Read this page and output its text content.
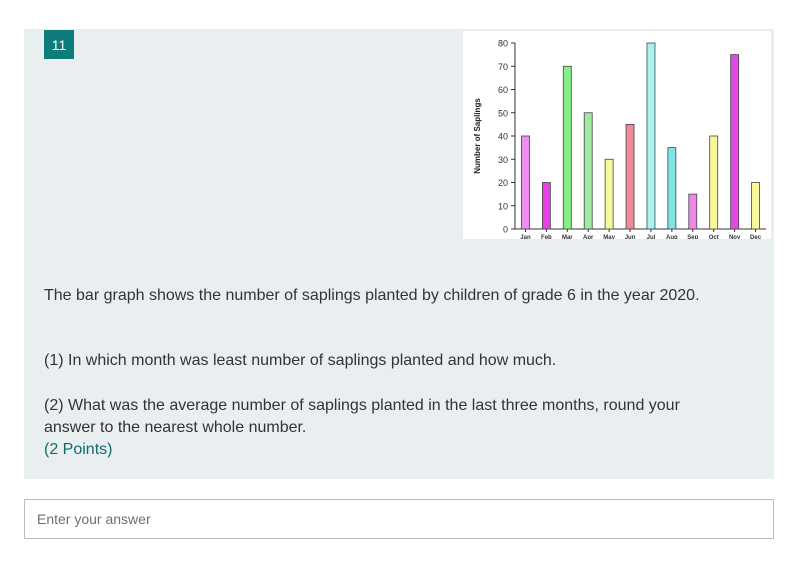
11
0
10
20
30
40
50
60
70
80
Number of Saplings
Jan Feb Mar Apr May Jun Jul Aug Sep Oct Nov Dec
The bar graph shows the number of saplings planted by children of grade 6 in the year 2020.
(1) In which month was least number of saplings planted and how much.
(2) What was the average number of saplings planted in the last three months, round your answer to the nearest whole number.
(2 Points)
Enter your answer
